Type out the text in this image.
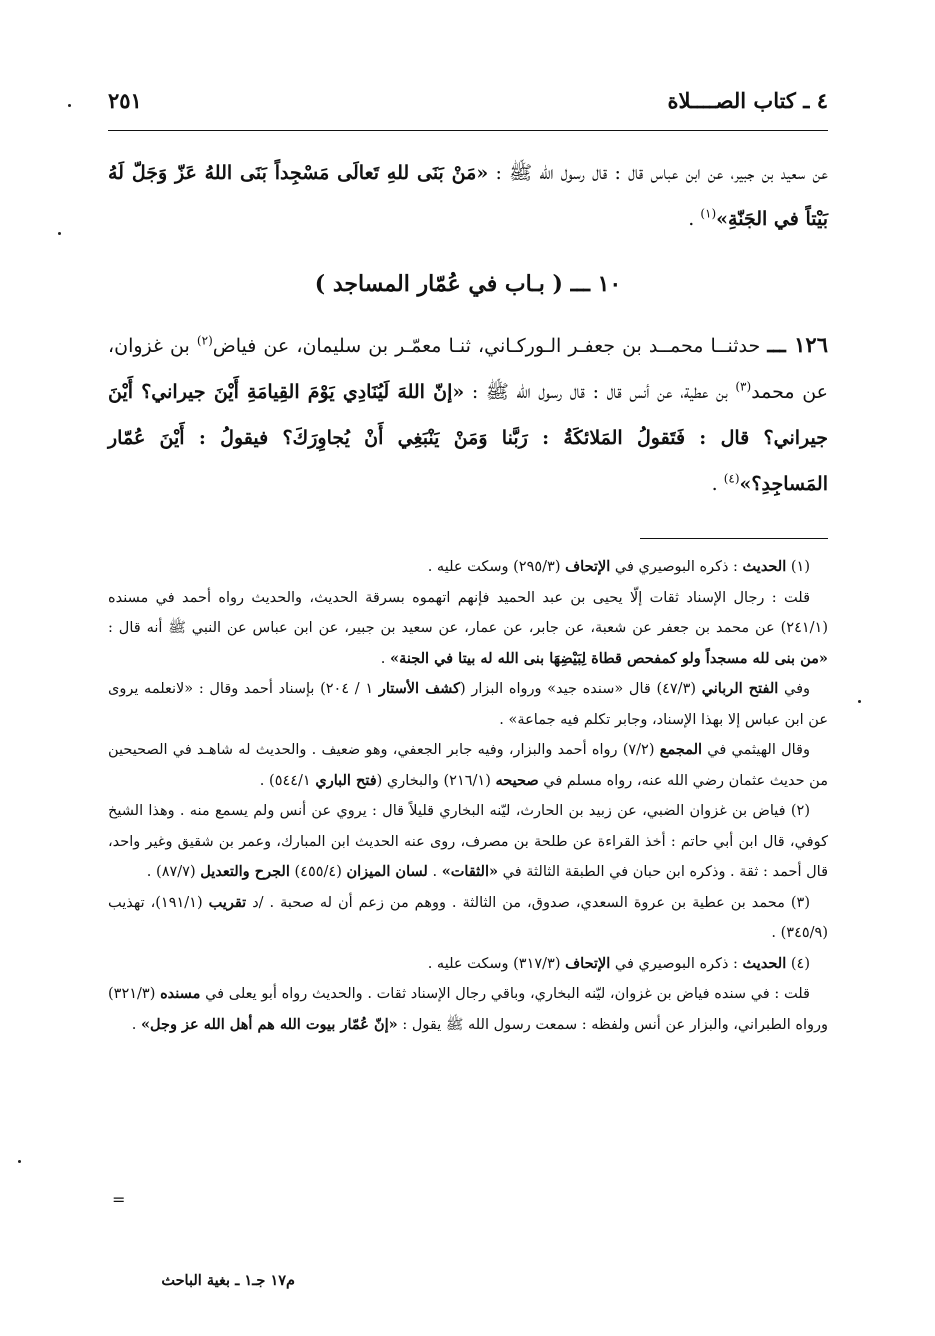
٤ ـ كتاب الصــــلاة
٢٥١

عن سعيد بن جبير، عن ابن عباس قال : قال رسول الله ﷺ : «مَنْ بَنَى للهِ تَعالَى مَسْجِداً بَنَى اللهُ عَزّ وَجَلّ لَهُ بَيْتاً في الجَنّةِ»$^{(١)}$ .

١٠ ـــ ( بـاب في عُمّار المساجد )

١٢٦ ـــ حدثنــا محمــد بن جعفـر الـوركـاني، ثنـا معمّـر بن سليمان، عن فياض$^{(٢)}$ بن غزوان، عن محمد$^{(٣)}$ بن عطية، عن أنس قال : قال رسول الله ﷺ : «إنّ اللهَ لَيُنَادِي يَوْمَ القِيامَةِ أَيْنَ جيراني؟ أَيْنَ جيراني؟ قال : فَتَقولُ المَلائكَةُ : رَبَّنا وَمَنْ يَنْبَغِي أَنْ يُجاوِرَكَ؟ فيقولُ : أَيْنَ عُمّار المَساجِدِ؟»$^{(٤)}$ .

(١) الحديث : ذكره البوصيري في الإتحاف (٢٩٥/٣) وسكت عليه .

قلت : رجال الإسناد ثقات إلّا يحيى بن عبد الحميد فإنهم اتهموه بسرقة الحديث، والحديث رواه أحمد في مسنده (٢٤١/١) عن محمد بن جعفر عن شعبة، عن جابر، عن عمار، عن سعيد بن جبير، عن ابن عباس عن النبي ﷺ أنه قال : «من بنى لله مسجداً ولو كمفحص قطاة لِبَيْضِهَا بنى الله له بيتا في الجنة» .

وفي الفتح الرباني (٤٧/٣) قال «سنده جيد» ورواه البزار (كشف الأستار ١ / ٢٠٤) بإسناد أحمد وقال : «لانعلمه يروى عن ابن عباس إلا بهذا الإسناد، وجابر تكلم فيه جماعة» .

وقال الهيثمي في المجمع (٧/٢) رواه أحمد والبزار، وفيه جابر الجعفي، وهو ضعيف . والحديث له شاهـد في الصحيحين من حديث عثمان رضي الله عنه، رواه مسلم في صحيحه (٢١٦/١) والبخاري (فتح الباري ٥٤٤/١) .

(٢) فياض بن غزوان الضبي، عن زبيد بن الحارث، ليّنه البخاري قليلاً قال : يروي عن أنس ولم يسمع منه . وهذا الشيخ كوفي، قال ابن أبي حاتم : أخذ القراءة عن طلحة بن مصرف، روى عنه الحديث ابن المبارك، وعمر بن شقيق وغير واحد، قال أحمد : ثقة . وذكره ابن حبان في الطبقة الثالثة في «الثقات» . لسان الميزان (٤٥٥/٤) الجرح والتعديل (٨٧/٧) .

(٣) محمد بن عطية بن عروة السعدي، صدوق، من الثالثة . ووهم من زعم أن له صحبة . /د تقريب (١٩١/١)، تهذيب (٣٤٥/٩) .

(٤) الحديث : ذكره البوصيري في الإتحاف (٣١٧/٣) وسكت عليه .

قلت : في سنده فياض بن غزوان، ليّنه البخاري، وباقي رجال الإسناد ثقات . والحديث رواه أبو يعلى في مسنده (٣٢١/٣) ورواه الطبراني، والبزار عن أنس ولفظه : سمعت رسول الله ﷺ يقول : «إنّ عُمّار بيوت الله هم أهل الله عز وجل» .

=
م١٧ جـ١ ـ بغية الباحث
